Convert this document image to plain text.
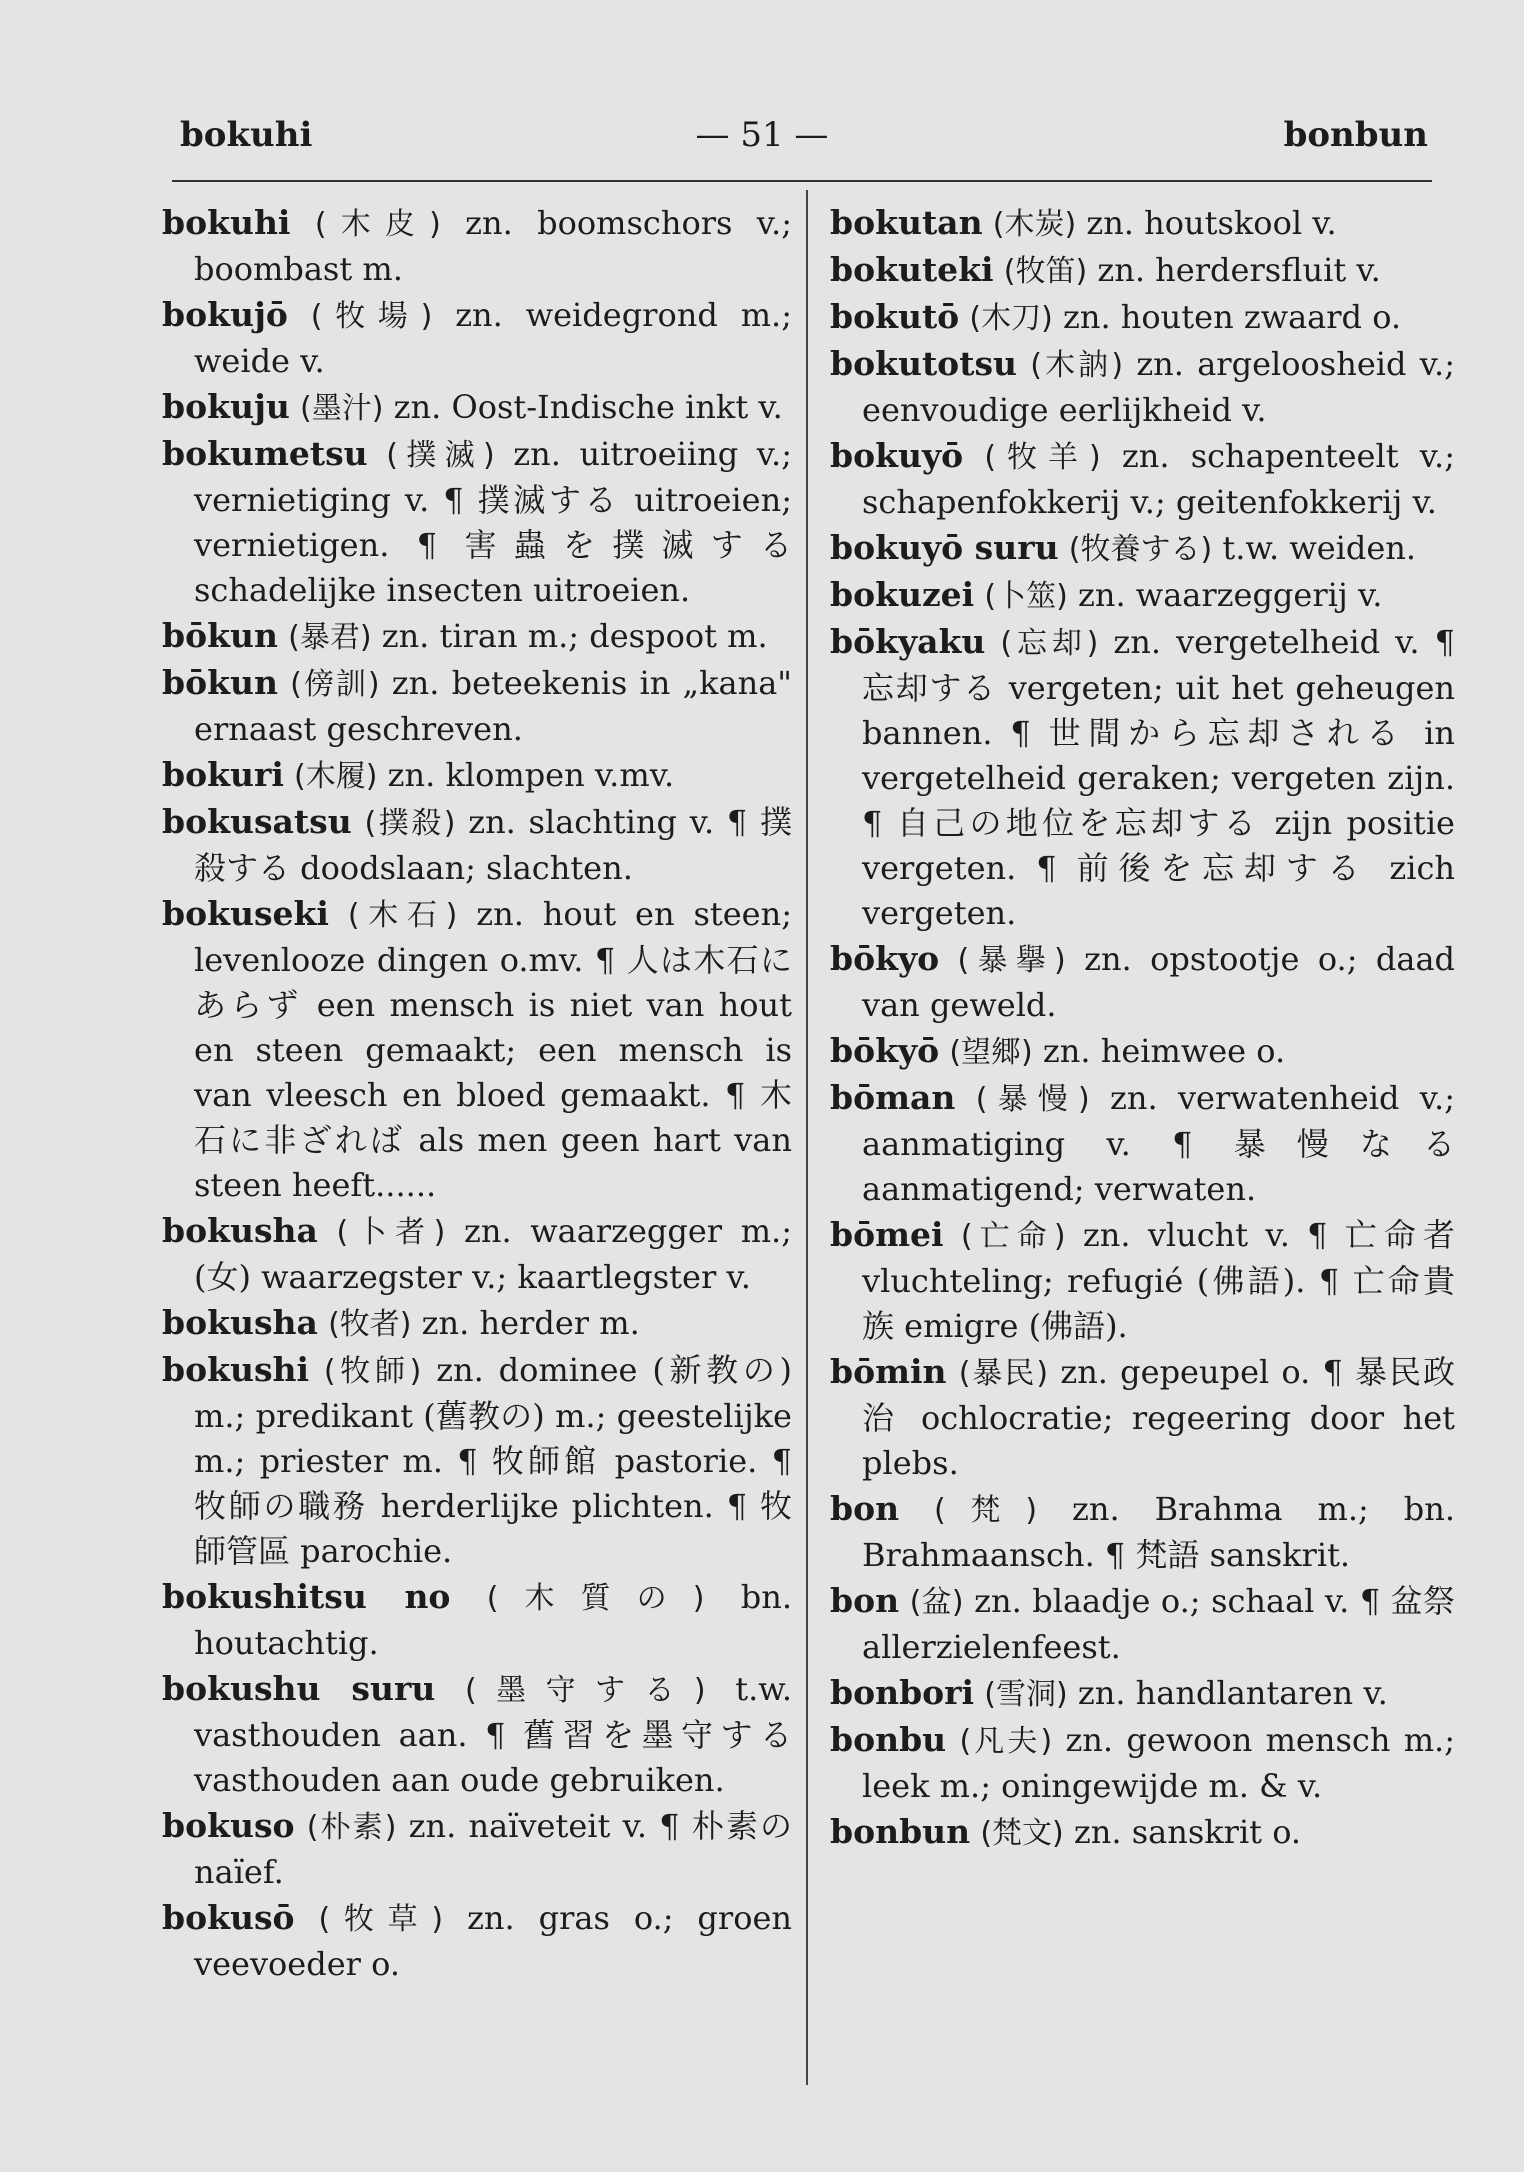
bokuhi	— 51 —	bonbun
bokuhi (木皮) zn. boomschors v.; boombast m.
bokujō (牧場) zn. weidegrond m.; weide v.
bokuju (墨汁) zn. Oost-Indische inkt v.
bokumetsu (撲滅) zn. uitroeiing v.; vernietiging v. ¶ 撲滅する uitroeien; vernietigen. ¶ 害蟲を撲滅する schadelijke insecten uitroeien.
bōkun (暴君) zn. tiran m.; despoot m.
bōkun (傍訓) zn. beteekenis in „kana" ernaast geschreven.
bokuri (木履) zn. klompen v.mv.
bokusatsu (撲殺) zn. slachting v. ¶ 撲殺する doodslaan; slachten.
bokuseki (木石) zn. hout en steen; levenlooze dingen o.mv. ¶ 人は木石にあらず een mensch is niet van hout en steen gemaakt; een mensch is van vleesch en bloed gemaakt. ¶ 木石に非ざれば als men geen hart van steen heeft......
bokusha (卜者) zn. waarzegger m.; (女) waarzegster v.; kaartlegster v.
bokusha (牧者) zn. herder m.
bokushi (牧師) zn. dominee (新教の) m.; predikant (舊教の) m.; geestelijke m.; priester m. ¶ 牧師館 pastorie. ¶ 牧師の職務 herderlijke plichten. ¶ 牧師管區 parochie.
bokushitsu no (木質の) bn. houtachtig.
bokushu suru (墨守する) t.w. vasthouden aan. ¶ 舊習を墨守する vasthouden aan oude gebruiken.
bokuso (朴素) zn. naïveteit v. ¶ 朴素の naïef.
bokusō (牧草) zn. gras o.; groen veevoeder o.
bokutan (木炭) zn. houtskool v.
bokuteki (牧笛) zn. herdersfluit v.
bokutō (木刀) zn. houten zwaard o.
bokutotsu (木訥) zn. argeloosheid v.; eenvoudige eerlijkheid v.
bokuyō (牧羊) zn. schapenteelt v.; schapenfokkerij v.; geitenfokkerij v.
bokuyō suru (牧養する) t.w. weiden.
bokuzei (卜筮) zn. waarzeggerij v.
bōkyaku (忘却) zn. vergetelheid v. ¶ 忘却する vergeten; uit het geheugen bannen. ¶ 世間から忘却される in vergetelheid geraken; vergeten zijn. ¶ 自己の地位を忘却する zijn positie vergeten. ¶ 前後を忘却する zich vergeten.
bōkyo (暴擧) zn. opstootje o.; daad van geweld.
bōkyō (望郷) zn. heimwee o.
bōman (暴慢) zn. verwatenheid v.; aanmatiging v. ¶ 暴慢なる aanmatigend; verwaten.
bōmei (亡命) zn. vlucht v. ¶ 亡命者 vluchteling; refugié (佛語). ¶ 亡命貴族 emigre (佛語).
bōmin (暴民) zn. gepeupel o. ¶ 暴民政治 ochlocratie; regeering door het plebs.
bon (梵) zn. Brahma m.; bn. Brahmaansch. ¶ 梵語 sanskrit.
bon (盆) zn. blaadje o.; schaal v. ¶ 盆祭 allerzielenfeest.
bonbori (雪洞) zn. handlantaren v.
bonbu (凡夫) zn. gewoon mensch m.; leek m.; oningewijde m. & v.
bonbun (梵文) zn. sanskrit o.
